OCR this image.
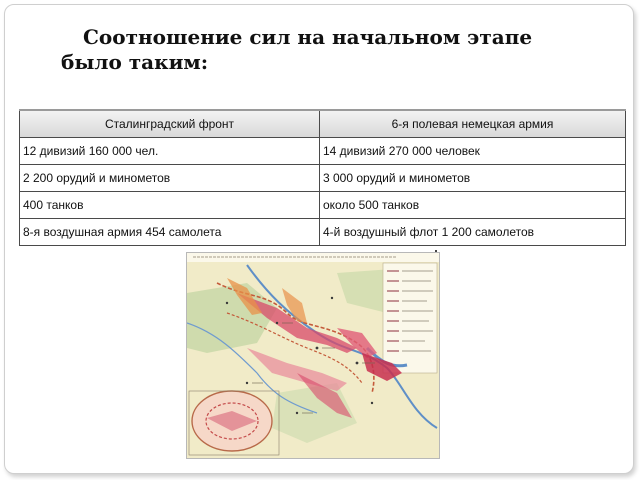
Соотношение сил на начальном этапе
было таким:
Сталинградский фронт	6-я полевая немецкая армия
12 дивизий 160 000 чел.	14 дивизий 270 000 человек
2 200 орудий и минометов	3 000 орудий и минометов
400 танков	около 500 танков
8-я воздушная армия 454 самолета	4-й воздушный флот 1 200 самолетов
